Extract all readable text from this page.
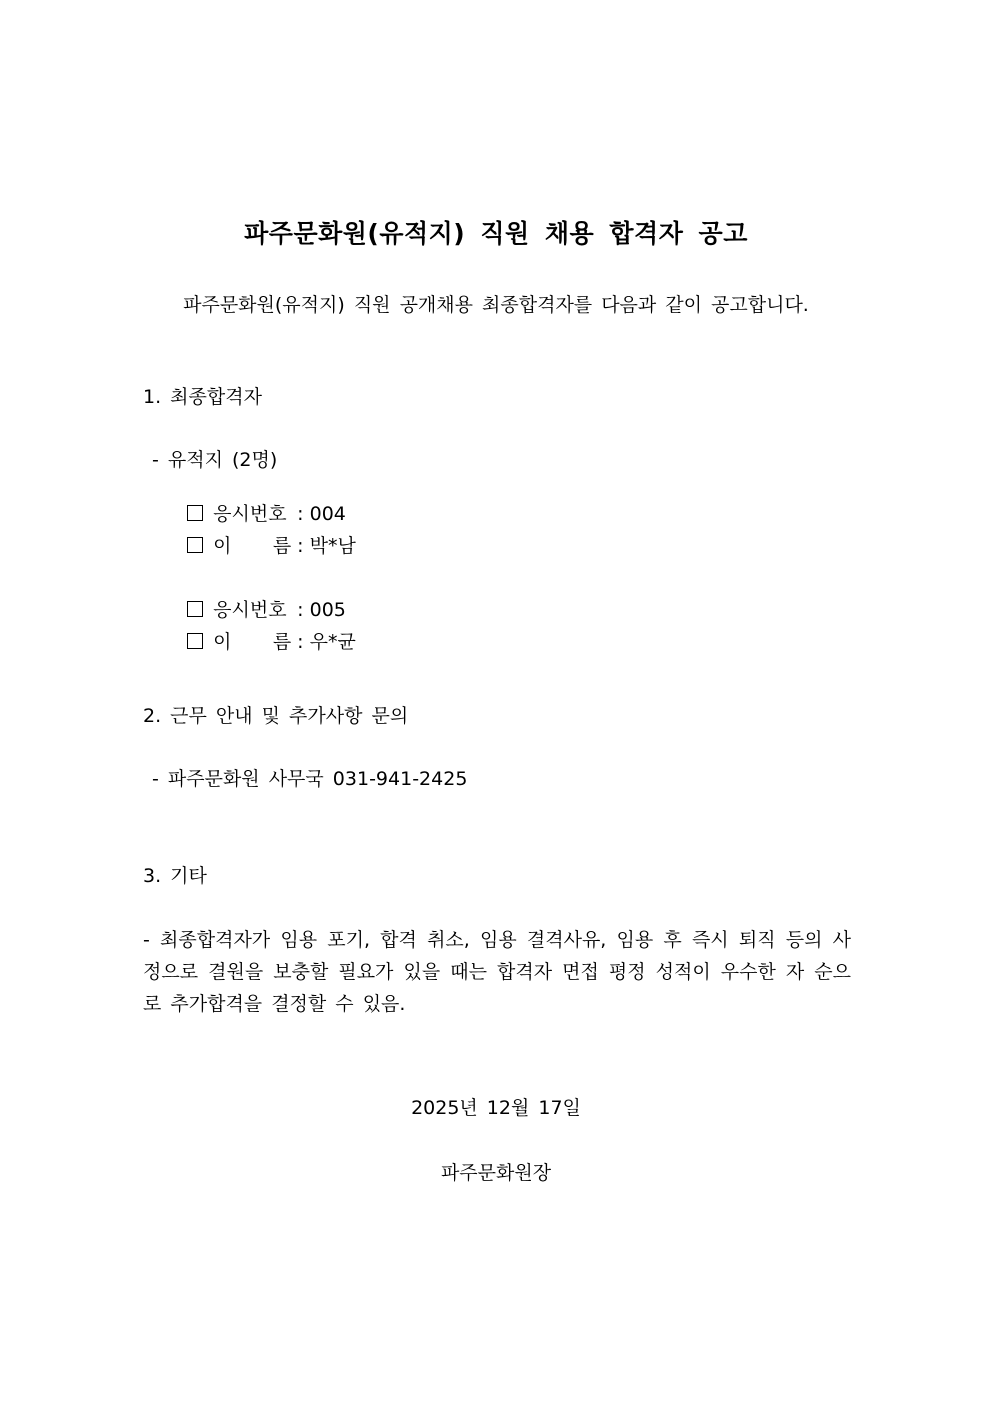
파주문화원(유적지) 직원 채용 합격자 공고
파주문화원(유적지) 직원 공개채용 최종합격자를 다음과 같이 공고합니다.
1. 최종합격자
- 유적지 (2명)

응시번호 : 004

이 름 : 박*남

응시번호 : 005

이 름 : 우*균

2. 근무 안내 및 추가사항 문의
- 파주문화원 사무국 031-941-2425
3. 기타
- 최종합격자가 임용 포기, 합격 취소, 임용 결격사유, 임용 후 즉시 퇴직 등의 사정으로 결원을 보충할 필요가 있을 때는 합격자 면접 평정 성적이 우수한 자 순으로 추가합격을 결정할 수 있음.
2025년 12월 17일
파주문화원장
